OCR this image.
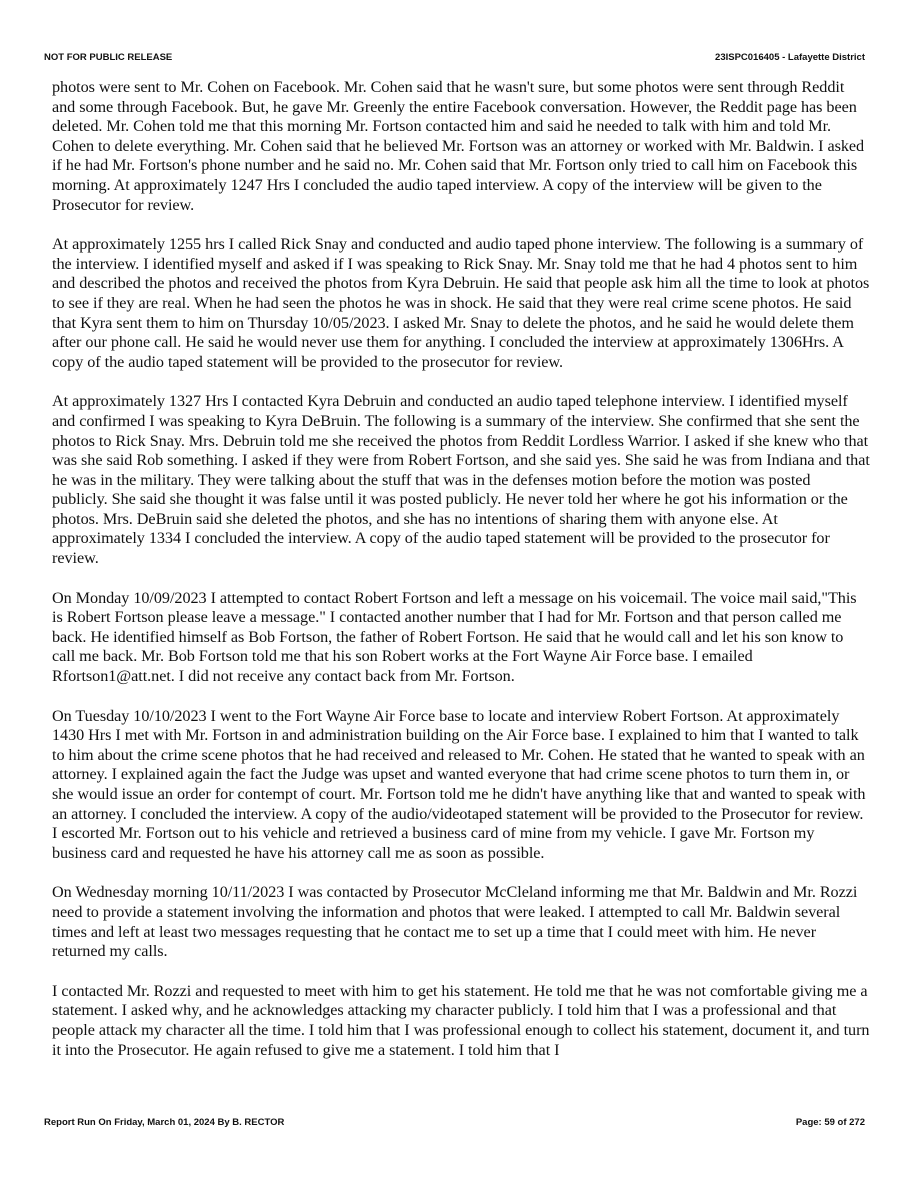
NOT FOR PUBLIC RELEASE	23ISPC016405 - Lafayette District

photos were sent to Mr. Cohen on Facebook. Mr. Cohen said that he wasn't sure, but some photos were sent through Reddit and some through Facebook. But, he gave Mr. Greenly the entire Facebook conversation. However, the Reddit page has been deleted. Mr. Cohen told me that this morning Mr. Fortson contacted him and said he needed to talk with him and told Mr. Cohen to delete everything. Mr. Cohen said that he believed Mr. Fortson was an attorney or worked with Mr. Baldwin. I asked if he had Mr. Fortson's phone number and he said no. Mr. Cohen said that Mr. Fortson only tried to call him on Facebook this morning. At approximately 1247 Hrs I concluded the audio taped interview. A copy of the interview will be given to the Prosecutor for review.

At approximately 1255 hrs I called Rick Snay and conducted and audio taped phone interview. The following is a summary of the interview. I identified myself and asked if I was speaking to Rick Snay. Mr. Snay told me that he had 4 photos sent to him and described the photos and received the photos from Kyra Debruin. He said that people ask him all the time to look at photos to see if they are real. When he had seen the photos he was in shock. He said that they were real crime scene photos. He said that Kyra sent them to him on Thursday 10/05/2023. I asked Mr. Snay to delete the photos, and he said he would delete them after our phone call. He said he would never use them for anything. I concluded the interview at approximately 1306Hrs. A copy of the audio taped statement will be provided to the prosecutor for review.

At approximately 1327 Hrs I contacted Kyra Debruin and conducted an audio taped telephone interview. I identified myself and confirmed I was speaking to Kyra DeBruin. The following is a summary of the interview. She confirmed that she sent the photos to Rick Snay. Mrs. Debruin told me she received the photos from Reddit Lordless Warrior. I asked if she knew who that was she said Rob something. I asked if they were from Robert Fortson, and she said yes. She said he was from Indiana and that he was in the military. They were talking about the stuff that was in the defenses motion before the motion was posted publicly. She said she thought it was false until it was posted publicly. He never told her where he got his information or the photos. Mrs. DeBruin said she deleted the photos, and she has no intentions of sharing them with anyone else. At approximately 1334 I concluded the interview. A copy of the audio taped statement will be provided to the prosecutor for review.

On Monday 10/09/2023 I attempted to contact Robert Fortson and left a message on his voicemail. The voice mail said,"This is Robert Fortson please leave a message." I contacted another number that I had for Mr. Fortson and that person called me back. He identified himself as Bob Fortson, the father of Robert Fortson. He said that he would call and let his son know to call me back. Mr. Bob Fortson told me that his son Robert works at the Fort Wayne Air Force base. I emailed Rfortson1@att.net. I did not receive any contact back from Mr. Fortson.

On Tuesday 10/10/2023 I went to the Fort Wayne Air Force base to locate and interview Robert Fortson. At approximately 1430 Hrs I met with Mr. Fortson in and administration building on the Air Force base. I explained to him that I wanted to talk to him about the crime scene photos that he had received and released to Mr. Cohen. He stated that he wanted to speak with an attorney. I explained again the fact the Judge was upset and wanted everyone that had crime scene photos to turn them in, or she would issue an order for contempt of court. Mr. Fortson told me he didn't have anything like that and wanted to speak with an attorney. I concluded the interview. A copy of the audio/videotaped statement will be provided to the Prosecutor for review. I escorted Mr. Fortson out to his vehicle and retrieved a business card of mine from my vehicle. I gave Mr. Fortson my business card and requested he have his attorney call me as soon as possible.

On Wednesday morning 10/11/2023 I was contacted by Prosecutor McCleland informing me that Mr. Baldwin and Mr. Rozzi need to provide a statement involving the information and photos that were leaked. I attempted to call Mr. Baldwin several times and left at least two messages requesting that he contact me to set up a time that I could meet with him. He never returned my calls.

I contacted Mr. Rozzi and requested to meet with him to get his statement. He told me that he was not comfortable giving me a statement. I asked why, and he acknowledges attacking my character publicly. I told him that I was a professional and that people attack my character all the time. I told him that I was professional enough to collect his statement, document it, and turn it into the Prosecutor. He again refused to give me a statement. I told him that I

Report Run On Friday, March 01, 2024 By B. RECTOR	Page: 59 of 272
